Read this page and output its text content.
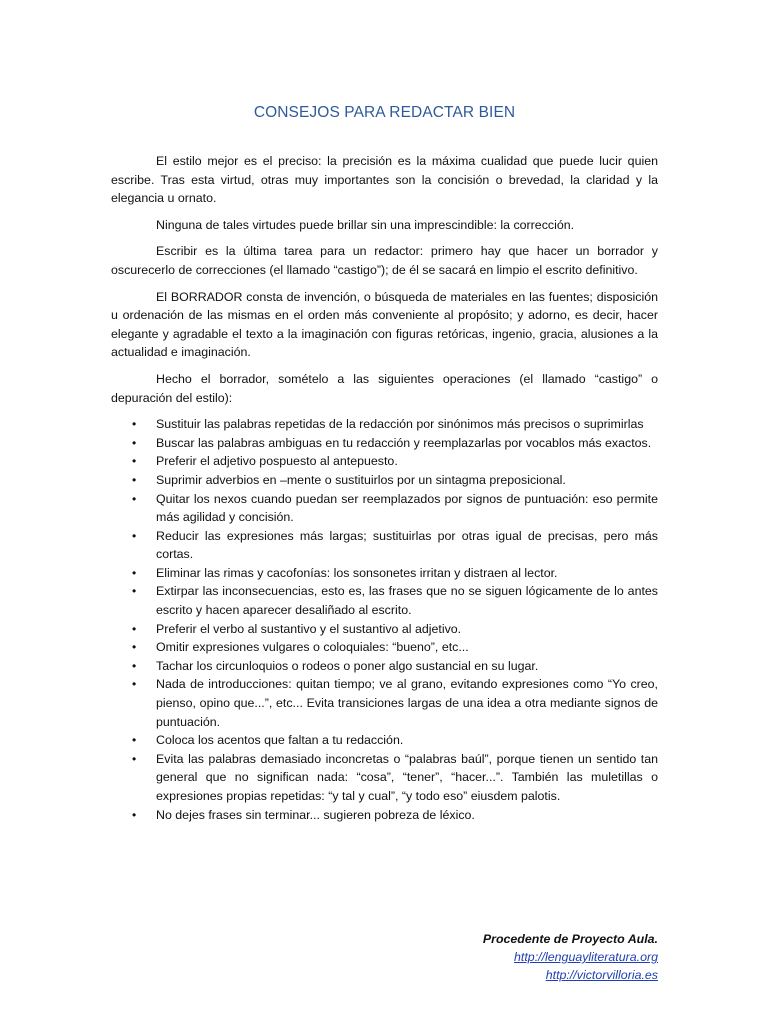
CONSEJOS PARA REDACTAR BIEN

El estilo mejor es el preciso: la precisión es la máxima cualidad que puede lucir quien escribe. Tras esta virtud, otras muy importantes son la concisión o brevedad, la claridad y la elegancia u ornato.

Ninguna de tales virtudes puede brillar sin una imprescindible: la corrección.

Escribir es la última tarea para un redactor: primero hay que hacer un borrador y oscurecerlo de correcciones (el llamado “castigo”); de él se sacará en limpio el escrito definitivo.

El BORRADOR consta de invención, o búsqueda de materiales en las fuentes; disposición u ordenación de las mismas en el orden más conveniente al propósito; y adorno, es decir, hacer elegante y agradable el texto a la imaginación con figuras retóricas, ingenio, gracia, alusiones a la actualidad e imaginación.

Hecho el borrador, somételo a las siguientes operaciones (el llamado “castigo” o depuración del estilo):

• Sustituir las palabras repetidas de la redacción por sinónimos más precisos o suprimirlas
• Buscar las palabras ambiguas en tu redacción y reemplazarlas por vocablos más exactos.
• Preferir el adjetivo pospuesto al antepuesto.
• Suprimir adverbios en –mente o sustituirlos por un sintagma preposicional.
• Quitar los nexos cuando puedan ser reemplazados por signos de puntuación: eso permite más agilidad y concisión.
• Reducir las expresiones más largas; sustituirlas por otras igual de precisas, pero más cortas.
• Eliminar las rimas y cacofonías: los sonsonetes irritan y distraen al lector.
• Extirpar las inconsecuencias, esto es, las frases que no se siguen lógicamente de lo antes escrito y hacen aparecer desaliñado al escrito.
• Preferir el verbo al sustantivo y el sustantivo al adjetivo.
• Omitir expresiones vulgares o coloquiales: “bueno”, etc...
• Tachar los circunloquios o rodeos o poner algo sustancial en su lugar.
• Nada de introducciones: quitan tiempo; ve al grano, evitando expresiones como “Yo creo, pienso, opino que...”, etc... Evita transiciones largas de una idea a otra mediante signos de puntuación.
• Coloca los acentos que faltan a tu redacción.
• Evita las palabras demasiado inconcretas o “palabras baúl”, porque tienen un sentido tan general que no significan nada: “cosa”, “tener”, “hacer...”. También las muletillas o expresiones propias repetidas: “y tal y cual”, “y todo eso” eiusdem palotis.
• No dejes frases sin terminar... sugieren pobreza de léxico.
Procedente de Proyecto Aula.
http://lenguayliteratura.org
http://victorvilloria.es
